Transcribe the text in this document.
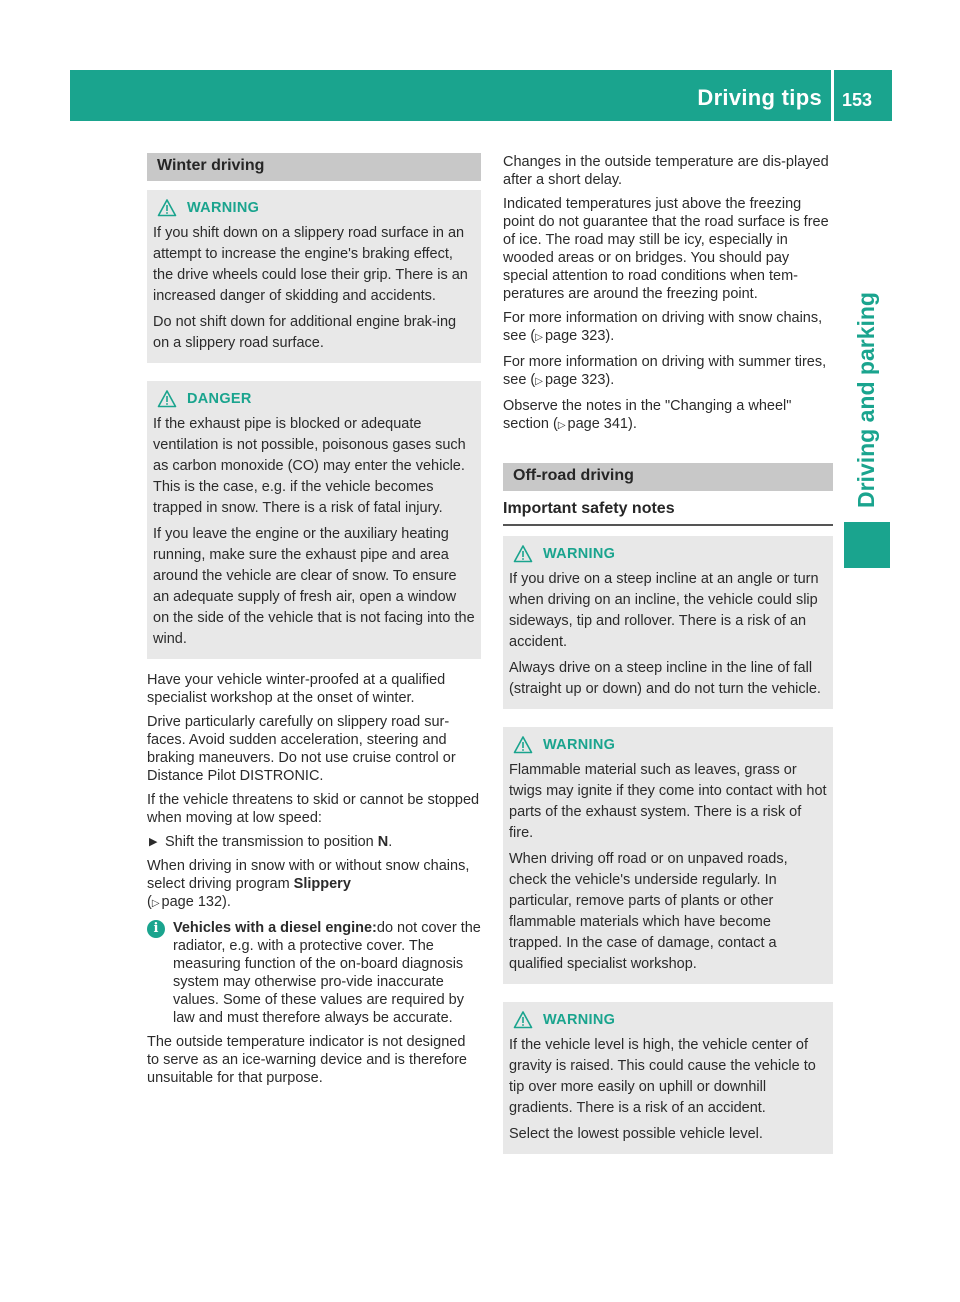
Driving tips 153
Driving and parking
Winter driving
WARNING

If you shift down on a slippery road surface in an attempt to increase the engine's braking effect, the drive wheels could lose their grip. There is an increased danger of skidding and accidents.

Do not shift down for additional engine brak-ing on a slippery road surface.

DANGER

If the exhaust pipe is blocked or adequate ventilation is not possible, poisonous gases such as carbon monoxide (CO) may enter the vehicle. This is the case, e.g. if the vehicle becomes trapped in snow. There is a risk of fatal injury.

If you leave the engine or the auxiliary heating running, make sure the exhaust pipe and area around the vehicle are clear of snow. To ensure an adequate supply of fresh air, open a window on the side of the vehicle that is not facing into the wind.

Have your vehicle winter-proofed at a qualified specialist workshop at the onset of winter.

Drive particularly carefully on slippery road sur-faces. Avoid sudden acceleration, steering and braking maneuvers. Do not use cruise control or Distance Pilot DISTRONIC.

If the vehicle threatens to skid or cannot be stopped when moving at low speed:

▶ Shift the transmission to position N.

When driving in snow with or without snow chains, select driving program Slippery
(▷ page 132).

i	Vehicles with a diesel engine:do not cover the radiator, e.g. with a protective cover. The measuring function of the on-board diagnosis system may otherwise pro-vide inaccurate values. Some of these values are required by law and must therefore always be accurate.

The outside temperature indicator is not designed to serve as an ice-warning device and is therefore unsuitable for that purpose.

Changes in the outside temperature are dis-played after a short delay.

Indicated temperatures just above the freezing point do not guarantee that the road surface is free of ice. The road may still be icy, especially in wooded areas or on bridges. You should pay special attention to road conditions when tem-peratures are around the freezing point.

For more information on driving with snow chains, see (▷ page 323).

For more information on driving with summer tires, see (▷ page 323).

Observe the notes in the "Changing a wheel" section (▷ page 341).

Off-road driving
Important safety notes
WARNING

If you drive on a steep incline at an angle or turn when driving on an incline, the vehicle could slip sideways, tip and rollover. There is a risk of an accident.

Always drive on a steep incline in the line of fall (straight up or down) and do not turn the vehicle.

WARNING

Flammable material such as leaves, grass or twigs may ignite if they come into contact with hot parts of the exhaust system. There is a risk of fire.

When driving off road or on unpaved roads, check the vehicle's underside regularly. In particular, remove parts of plants or other flammable materials which have become trapped. In the case of damage, contact a qualified specialist workshop.

WARNING

If the vehicle level is high, the vehicle center of gravity is raised. This could cause the vehicle to tip over more easily on uphill or downhill gradients. There is a risk of an accident.

Select the lowest possible vehicle level.
